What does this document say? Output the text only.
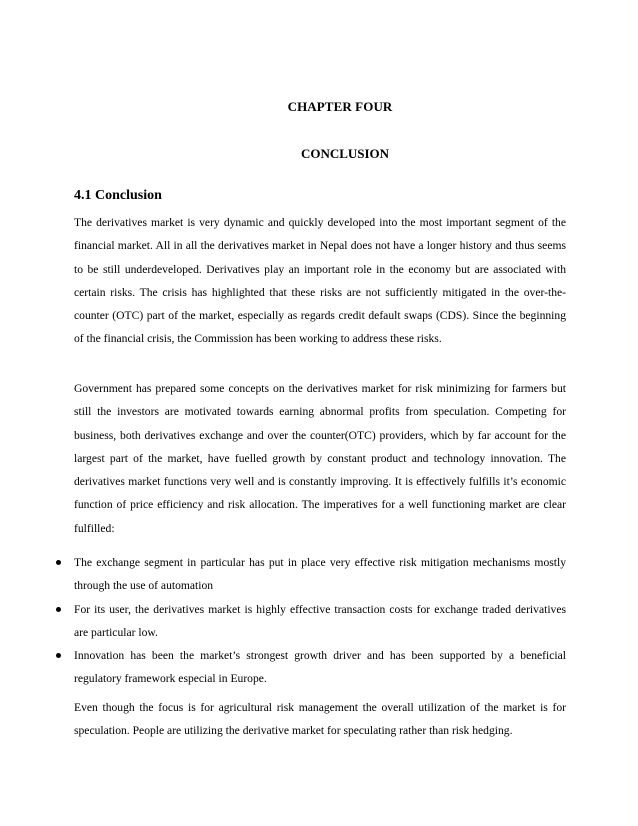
CHAPTER FOUR
CONCLUSION
4.1 Conclusion

The derivatives market is very dynamic and quickly developed into the most important segment of the financial market. All in all the derivatives market in Nepal does not have a longer history and thus seems to be still underdeveloped. Derivatives play an important role in the economy but are associated with certain risks. The crisis has highlighted that these risks are not sufficiently mitigated in the over-the-counter (OTC) part of the market, especially as regards credit default swaps (CDS). Since the beginning of the financial crisis, the Commission has been working to address these risks.

Government has prepared some concepts on the derivatives market for risk minimizing for farmers but still the investors are motivated towards earning abnormal profits from speculation. Competing for business, both derivatives exchange and over the counter(OTC) providers, which by far account for the largest part of the market, have fuelled growth by constant product and technology innovation. The derivatives market functions very well and is constantly improving. It is effectively fulfills it’s economic function of price efficiency and risk allocation. The imperatives for a well functioning market are clear fulfilled:

The exchange segment in particular has put in place very effective risk mitigation mechanisms mostly through the use of automation
For its user, the derivatives market is highly effective transaction costs for exchange traded derivatives are particular low.
Innovation has been the market’s strongest growth driver and has been supported by a beneficial regulatory framework especial in Europe.

Even though the focus is for agricultural risk management the overall utilization of the market is for speculation. People are utilizing the derivative market for speculating rather than risk hedging.
